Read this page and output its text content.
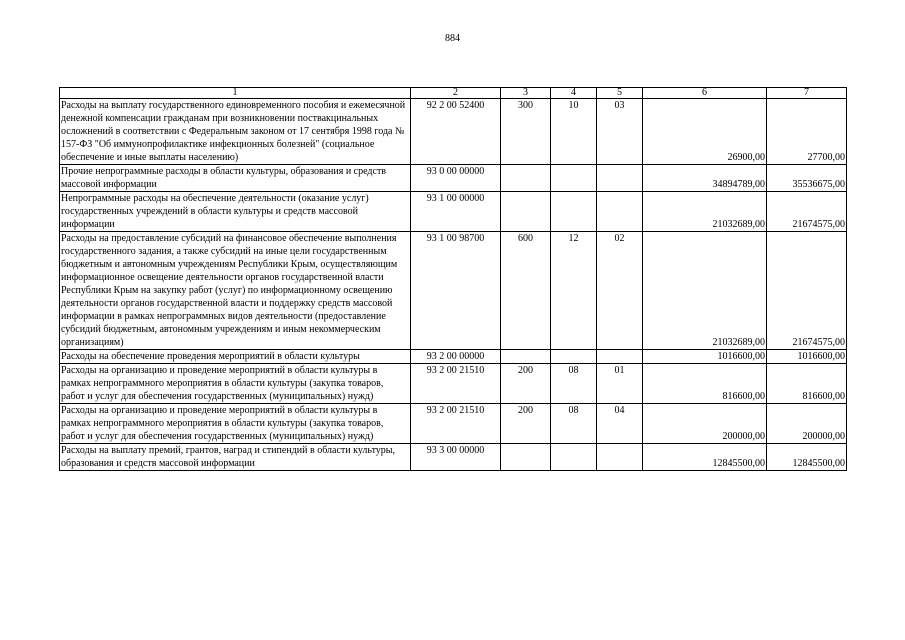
884
1	2	3	4	5	6	7
Расходы на выплату государственного единовременного пособия и ежемесячной денежной компенсации гражданам при возникновении поствакцинальных осложнений в соответствии с Федеральным законом от 17 сентября 1998 года № 157-ФЗ "Об иммунопрофилактике инфекционных болезней" (социальное обеспечение и иные выплаты населению)	92 2 00 52400	300	10	03	26900,00	27700,00
Прочие непрограммные расходы в области культуры, образования и средств массовой информации	93 0 00 00000				34894789,00	35536675,00
Непрограммные расходы на обеспечение деятельности (оказание услуг) государственных учреждений в области культуры и средств массовой информации	93 1 00 00000				21032689,00	21674575,00
Расходы на предоставление субсидий на финансовое обеспечение выполнения государственного задания, а также субсидий на иные цели государственным бюджетным и автономным учреждениям Республики Крым, осуществляющим информационное освещение деятельности органов государственной власти Республики Крым на закупку работ (услуг) по информационному освещению деятельности органов государственной власти и поддержку средств массовой информации в рамках непрограммных видов деятельности (предоставление субсидий бюджетным, автономным учреждениям и иным некоммерческим организациям)	93 1 00 98700	600	12	02	21032689,00	21674575,00
Расходы на обеспечение проведения мероприятий в области культуры	93 2 00 00000				1016600,00	1016600,00
Расходы на организацию и проведение мероприятий в области культуры в рамках непрограммного мероприятия в области культуры (закупка товаров, работ и услуг для обеспечения государственных (муниципальных) нужд)	93 2 00 21510	200	08	01	816600,00	816600,00
Расходы на организацию и проведение мероприятий в области культуры в рамках непрограммного мероприятия в области культуры (закупка товаров, работ и услуг для обеспечения государственных (муниципальных) нужд)	93 2 00 21510	200	08	04	200000,00	200000,00
Расходы на выплату премий, грантов, наград и стипендий в области культуры, образования и средств массовой информации	93 3 00 00000				12845500,00	12845500,00
